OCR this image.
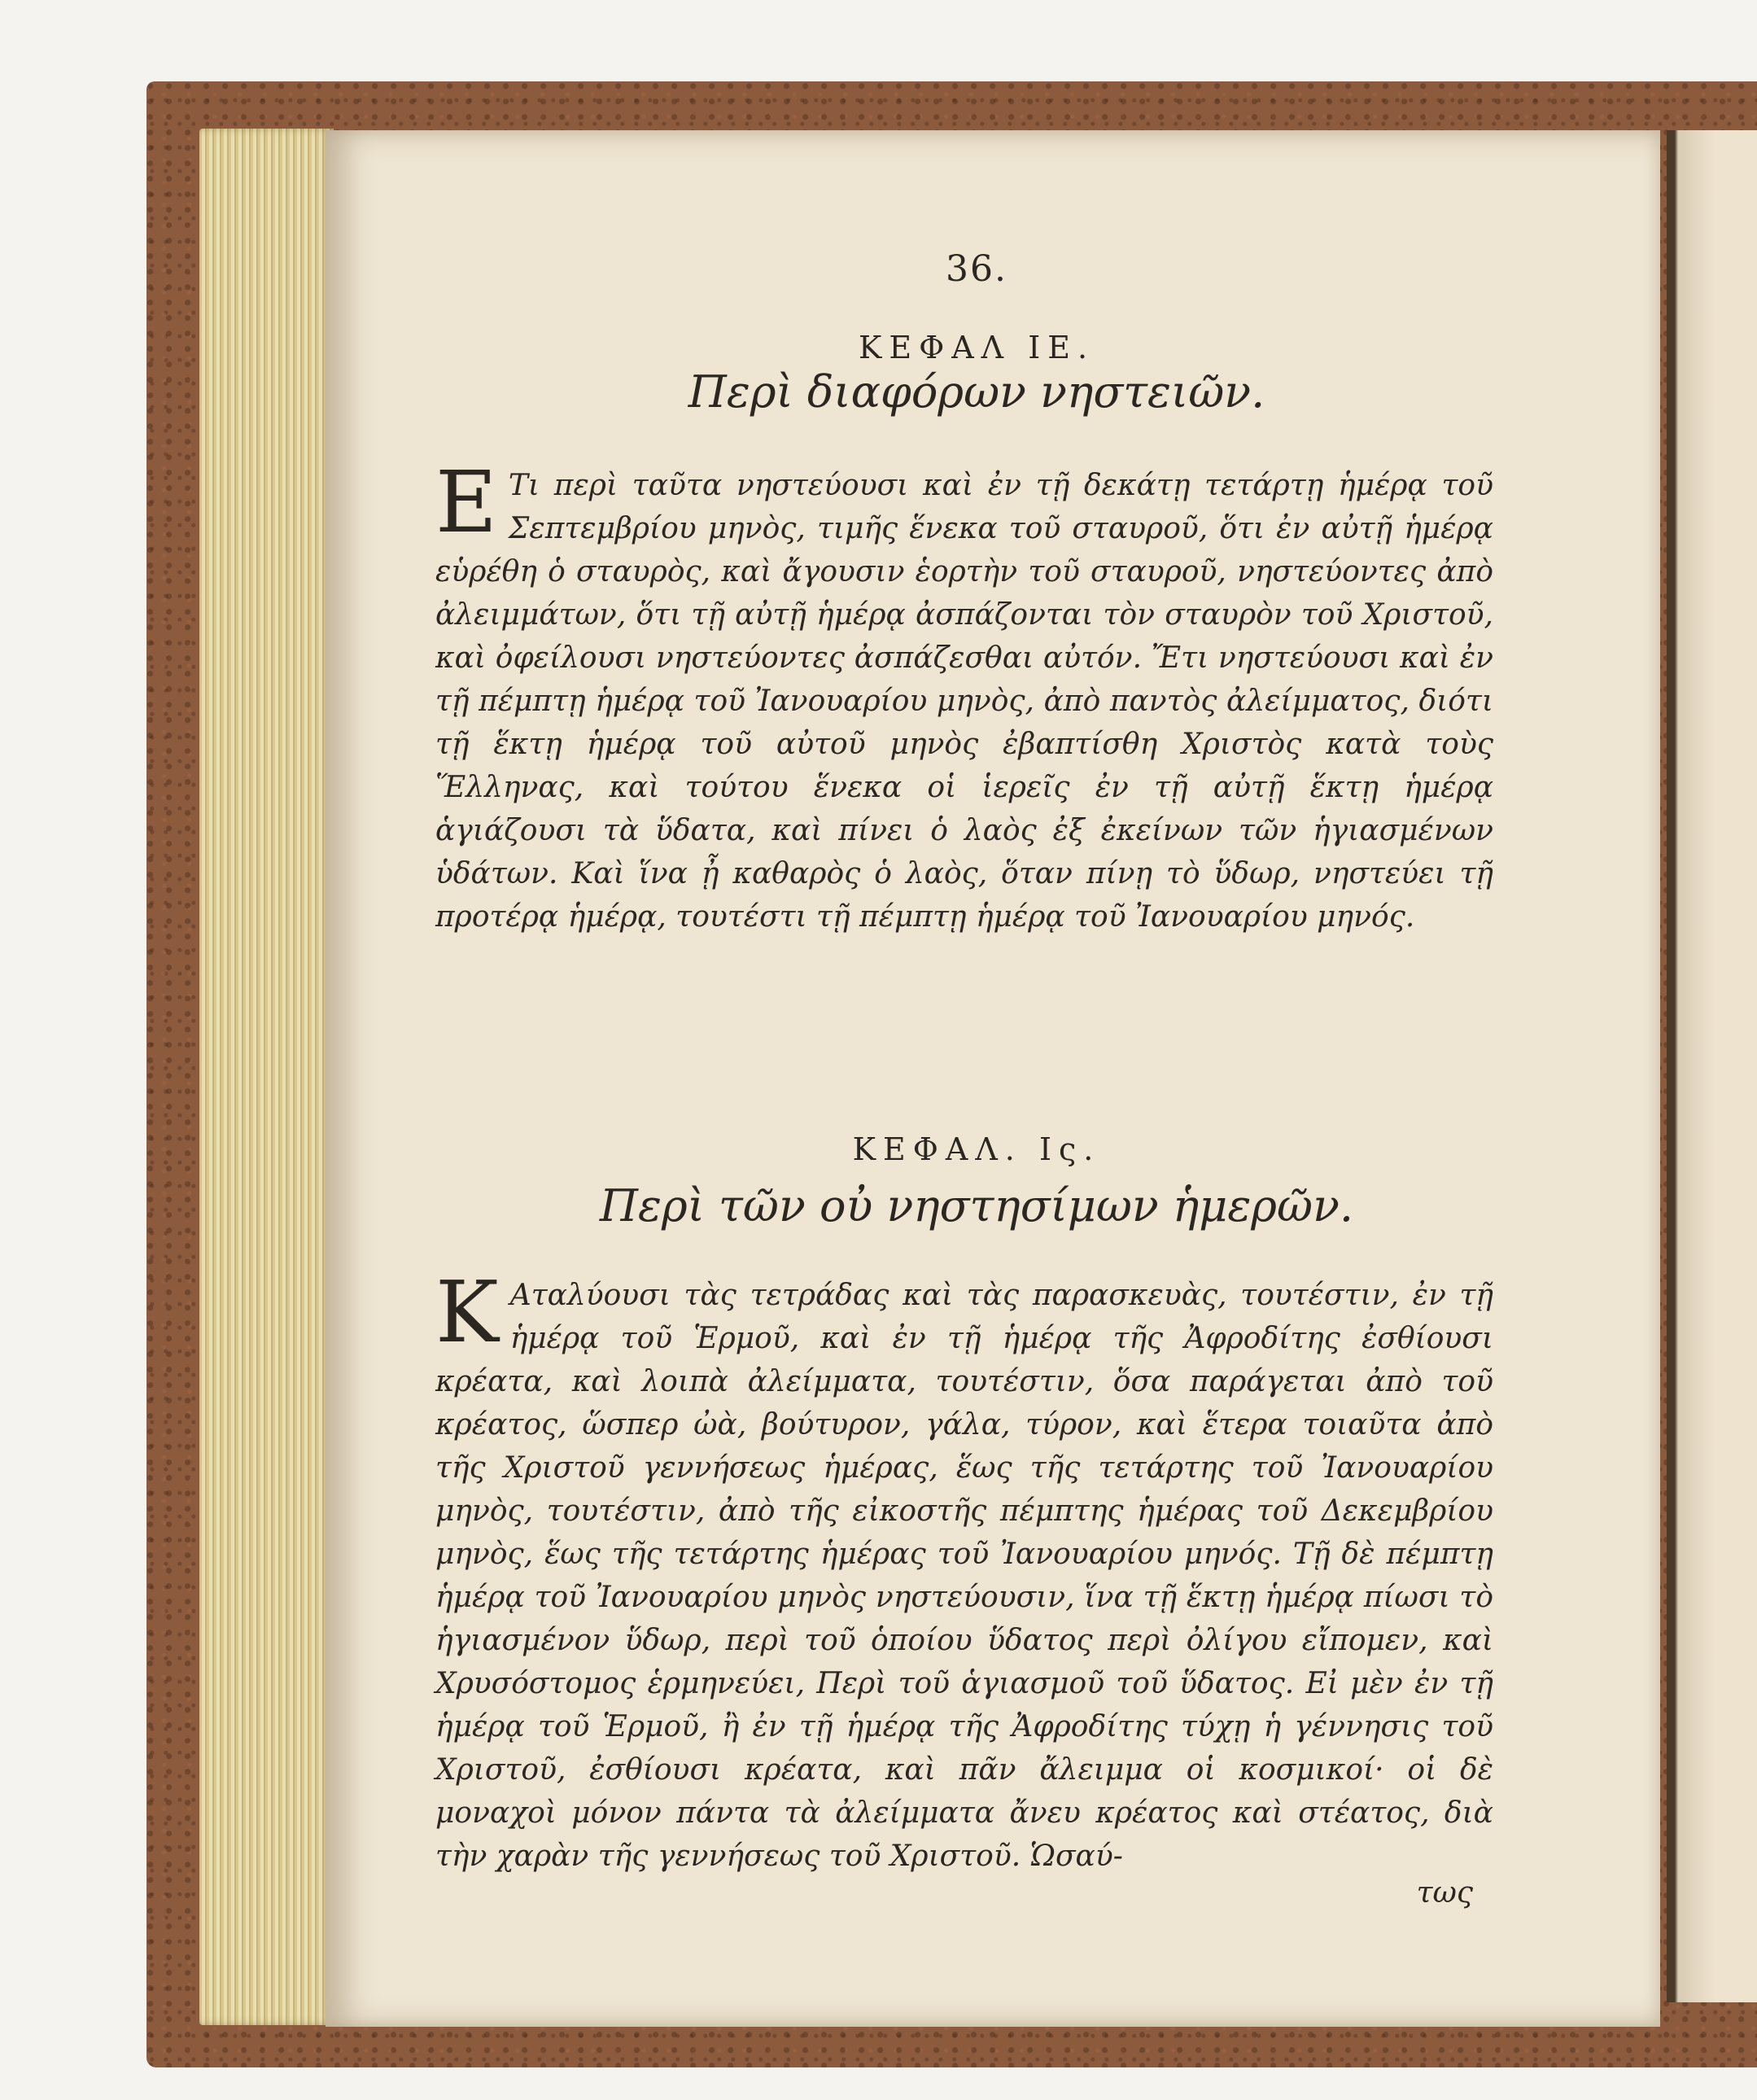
36.
ΚΕΦΑΛ ΙΕ.
Περὶ διαφόρων νηστειῶν.
Ε Τι περὶ ταῦτα νηστεύουσι καὶ ἐν τῇ δεκάτῃ τετάρτῃ ἡμέρᾳ τοῦ Σεπτεμβρίου μηνὸς, τιμῆς ἕνεκα τοῦ σταυροῦ, ὅτι ἐν αὐτῇ ἡμέρᾳ εὑρέθη ὁ σταυρὸς, καὶ ἄγουσιν ἑορτὴν τοῦ σταυροῦ, νηστεύοντες ἀπὸ ἀλειμμάτων, ὅτι τῇ αὐτῇ ἡμέρᾳ ἀσπάζονται τὸν σταυρὸν τοῦ Χριστοῦ, καὶ ὀφείλουσι νηστεύοντες ἀσπάζεσθαι αὐτόν. Ἔτι νηστεύουσι καὶ ἐν τῇ πέμπτῃ ἡμέρᾳ τοῦ Ἰανουαρίου μηνὸς, ἀπὸ παντὸς ἀλείμματος, διότι τῇ ἕκτῃ ἡμέρᾳ τοῦ αὐτοῦ μηνὸς ἐβαπτίσθη Χριστὸς κατὰ τοὺς Ἕλληνας, καὶ τούτου ἕνεκα οἱ ἱερεῖς ἐν τῇ αὐτῇ ἕκτῃ ἡμέρᾳ ἁγιάζουσι τὰ ὕδατα, καὶ πίνει ὁ λαὸς ἐξ ἐκείνων τῶν ἡγιασμένων ὑδάτων. Καὶ ἵνα ᾖ καθαρὸς ὁ λαὸς, ὅταν πίνῃ τὸ ὕδωρ, νηστεύει τῇ προτέρᾳ ἡμέρᾳ, τουτέστι τῇ πέμπτῃ ἡμέρᾳ τοῦ Ἰανουαρίου μηνός.
ΚΕΦΑΛ. Ις.
Περὶ τῶν οὐ νηστησίμων ἡμερῶν.
Κ Αταλύουσι τὰς τετράδας καὶ τὰς παρασκευὰς, τουτέστιν, ἐν τῇ ἡμέρᾳ τοῦ Ἑρμοῦ, καὶ ἐν τῇ ἡμέρᾳ τῆς Ἀφροδίτης ἐσθίουσι κρέατα, καὶ λοιπὰ ἀλείμματα, τουτέστιν, ὅσα παράγεται ἀπὸ τοῦ κρέατος, ὥσπερ ὠὰ, βούτυρον, γάλα, τύρον, καὶ ἕτερα τοιαῦτα ἀπὸ τῆς Χριστοῦ γεννήσεως ἡμέρας, ἕως τῆς τετάρτης τοῦ Ἰανουαρίου μηνὸς, τουτέστιν, ἀπὸ τῆς εἰκοστῆς πέμπτης ἡμέρας τοῦ Δεκεμβρίου μηνὸς, ἕως τῆς τετάρτης ἡμέρας τοῦ Ἰανουαρίου μηνός. Τῇ δὲ πέμπτῃ ἡμέρᾳ τοῦ Ἰανουαρίου μηνὸς νηστεύουσιν, ἵνα τῇ ἕκτῃ ἡμέρᾳ πίωσι τὸ ἡγιασμένον ὕδωρ, περὶ τοῦ ὁποίου ὕδατος περὶ ὀλίγου εἴπομεν, καὶ Χρυσόστομος ἑρμηνεύει, Περὶ τοῦ ἁγιασμοῦ τοῦ ὕδατος. Εἰ μὲν ἐν τῇ ἡμέρᾳ τοῦ Ἑρμοῦ, ἢ ἐν τῇ ἡμέρᾳ τῆς Ἀφροδίτης τύχῃ ἡ γέννησις τοῦ Χριστοῦ, ἐσθίουσι κρέατα, καὶ πᾶν ἄλειμμα οἱ κοσμικοί· οἱ δὲ μοναχοὶ μόνον πάντα τὰ ἀλείμματα ἄνευ κρέατος καὶ στέατος, διὰ τὴν χαρὰν τῆς γεννήσεως τοῦ Χριστοῦ. Ὡσαύ-
τως
